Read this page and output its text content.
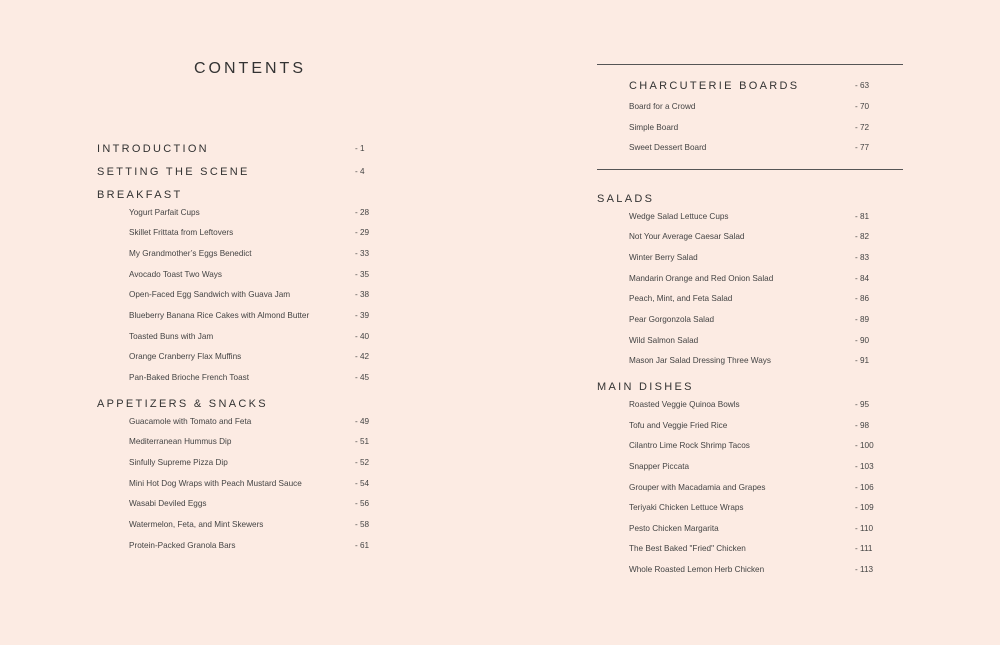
CONTENTS
INTRODUCTION	- 1
SETTING THE SCENE	- 4
BREAKFAST
Yogurt Parfait Cups	- 28
Skillet Frittata from Leftovers	- 29
My Grandmother’s Eggs Benedict	- 33
Avocado Toast Two Ways	- 35
Open-Faced Egg Sandwich with Guava Jam	- 38
Blueberry Banana Rice Cakes with Almond Butter	- 39
Toasted Buns with Jam	- 40
Orange Cranberry Flax Muffins	- 42
Pan-Baked Brioche French Toast	- 45
APPETIZERS & SNACKS
Guacamole with Tomato and Feta	- 49
Mediterranean Hummus Dip	- 51
Sinfully Supreme Pizza Dip	- 52
Mini Hot Dog Wraps with Peach Mustard Sauce	- 54
Wasabi Deviled Eggs	- 56
Watermelon, Feta, and Mint Skewers	- 58
Protein-Packed Granola Bars	- 61
CHARCUTERIE BOARDS	- 63
Board for a Crowd	- 70
Simple Board	- 72
Sweet Dessert Board	- 77
SALADS
Wedge Salad Lettuce Cups	- 81
Not Your Average Caesar Salad	- 82
Winter Berry Salad	- 83
Mandarin Orange and Red Onion Salad	- 84
Peach, Mint, and Feta Salad	- 86
Pear Gorgonzola Salad	- 89
Wild Salmon Salad	- 90
Mason Jar Salad Dressing Three Ways	- 91
MAIN DISHES
Roasted Veggie Quinoa Bowls	- 95
Tofu and Veggie Fried Rice	- 98
Cilantro Lime Rock Shrimp Tacos	- 100
Snapper Piccata	- 103
Grouper with Macadamia and Grapes	- 106
Teriyaki Chicken Lettuce Wraps	- 109
Pesto Chicken Margarita	- 110
The Best Baked "Fried" Chicken	- 111
Whole Roasted Lemon Herb Chicken	- 113
